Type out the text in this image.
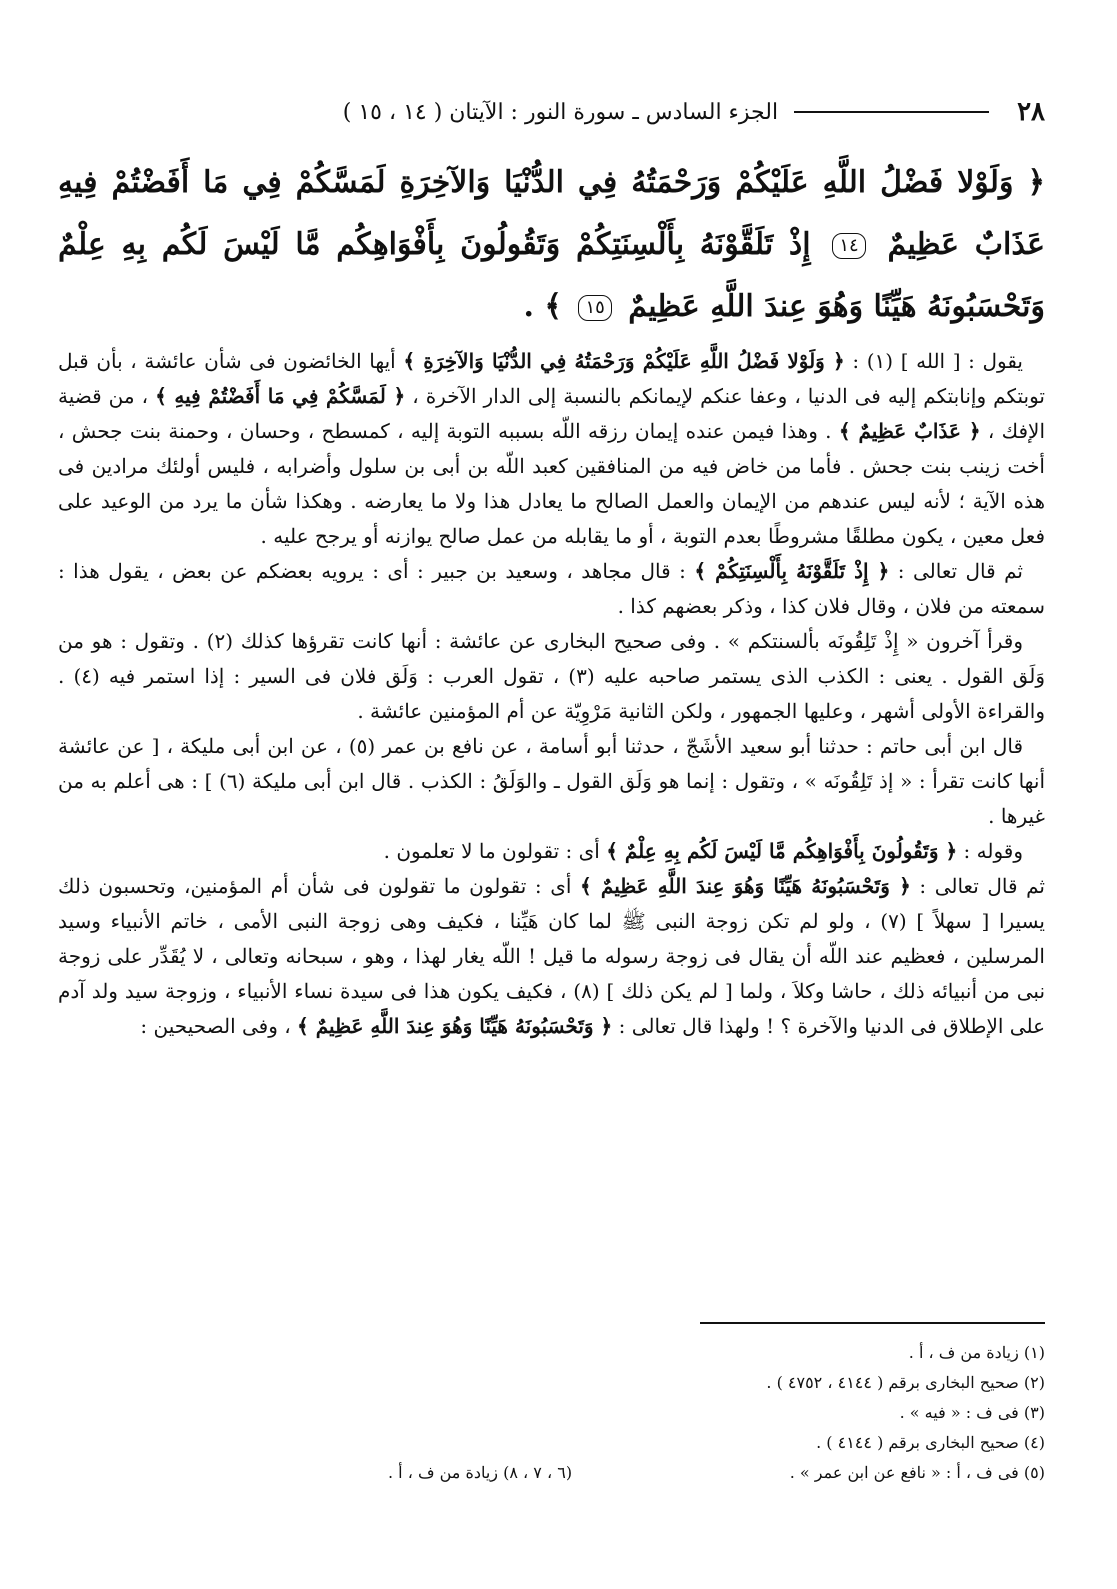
٢٨
الجزء السادس ـ سورة النور : الآيتان ( ١٤ ، ١٥ )
﴿ وَلَوْلا فَضْلُ اللَّهِ عَلَيْكُمْ وَرَحْمَتُهُ فِي الدُّنْيَا وَالآخِرَةِ لَمَسَّكُمْ فِي مَا أَفَضْتُمْ فِيهِ عَذَابٌ عَظِيمٌ ١٤ إِذْ تَلَقَّوْنَهُ بِأَلْسِنَتِكُمْ وَتَقُولُونَ بِأَفْوَاهِكُم مَّا لَيْسَ لَكُم بِهِ عِلْمٌ وَتَحْسَبُونَهُ هَيِّنًا وَهُوَ عِندَ اللَّهِ عَظِيمٌ ١٥ ﴾ .

يقول : [ الله ] (١) : ﴿ وَلَوْلا فَضْلُ اللَّهِ عَلَيْكُمْ وَرَحْمَتُهُ فِي الدُّنْيَا وَالآخِرَةِ ﴾ أيها الخائضون فى شأن عائشة ، بأن قبل توبتكم وإنابتكم إليه فى الدنيا ، وعفا عنكم لإيمانكم بالنسبة إلى الدار الآخرة ، ﴿ لَمَسَّكُمْ فِي مَا أَفَضْتُمْ فِيهِ ﴾ ، من قضية الإفك ، ﴿ عَذَابٌ عَظِيمٌ ﴾ . وهذا فيمن عنده إيمان رزقه اللّه بسببه التوبة إليه ، كمسطح ، وحسان ، وحمنة بنت جحش ، أخت زينب بنت جحش . فأما من خاض فيه من المنافقين كعبد اللّه بن أبى بن سلول وأضرابه ، فليس أولئك مرادين فى هذه الآية ؛ لأنه ليس عندهم من الإيمان والعمل الصالح ما يعادل هذا ولا ما يعارضه . وهكذا شأن ما يرد من الوعيد على فعل معين ، يكون مطلقًا مشروطًا بعدم التوبة ، أو ما يقابله من عمل صالح يوازنه أو يرجح عليه .

ثم قال تعالى : ﴿ إِذْ تَلَقَّوْنَهُ بِأَلْسِنَتِكُمْ ﴾ : قال مجاهد ، وسعيد بن جبير : أى : يرويه بعضكم عن بعض ، يقول هذا : سمعته من فلان ، وقال فلان كذا ، وذكر بعضهم كذا .

وقرأ آخرون « إِذْ تَلِقُونَه بألسنتكم » . وفى صحيح البخارى عن عائشة : أنها كانت تقرؤها كذلك (٢) . وتقول : هو من وَلَق القول . يعنى : الكذب الذى يستمر صاحبه عليه (٣) ، تقول العرب : وَلَق فلان فى السير : إذا استمر فيه (٤) . والقراءة الأولى أشهر ، وعليها الجمهور ، ولكن الثانية مَرْوِيّة عن أم المؤمنين عائشة .

قال ابن أبى حاتم : حدثنا أبو سعيد الأشَجّ ، حدثنا أبو أسامة ، عن نافع بن عمر (٥) ، عن ابن أبى مليكة ، [ عن عائشة أنها كانت تقرأ : « إذ تَلِقُونَه » ، وتقول : إنما هو وَلَق القول ـ والوَلَقُ : الكذب . قال ابن أبى مليكة (٦) ] : هى أعلم به من غيرها .

وقوله : ﴿ وَتَقُولُونَ بِأَفْوَاهِكُم مَّا لَيْسَ لَكُم بِهِ عِلْمٌ ﴾ أى : تقولون ما لا تعلمون .

ثم قال تعالى : ﴿ وَتَحْسَبُونَهُ هَيِّنًا وَهُوَ عِندَ اللَّهِ عَظِيمٌ ﴾ أى : تقولون ما تقولون فى شأن أم المؤمنين، وتحسبون ذلك يسيرا [ سهلاً ] (٧) ، ولو لم تكن زوجة النبى ﷺ لما كان هَيِّنا ، فكيف وهى زوجة النبى الأمى ، خاتم الأنبياء وسيد المرسلين ، فعظيم عند اللّه أن يقال فى زوجة رسوله ما قيل ! اللّه يغار لهذا ، وهو ، سبحانه وتعالى ، لا يُقَدِّر على زوجة نبى من أنبيائه ذلك ، حاشا وكلاَ ، ولما [ لم يكن ذلك ] (٨) ، فكيف يكون هذا فى سيدة نساء الأنبياء ، وزوجة سيد ولد آدم على الإطلاق فى الدنيا والآخرة ؟ ! ولهذا قال تعالى : ﴿ وَتَحْسَبُونَهُ هَيِّنًا وَهُوَ عِندَ اللَّهِ عَظِيمٌ ﴾ ، وفى الصحيحين :

(١) زيادة من ف ، أ .
(٢) صحيح البخارى برقم ( ٤١٤٤ ، ٤٧٥٢ ) .
(٣) فى ف : « فيه » .
(٤) صحيح البخارى برقم ( ٤١٤٤ ) .
(٥) فى ف ، أ : « نافع عن ابن عمر » .
(٦ ، ٧ ، ٨) زيادة من ف ، أ .
